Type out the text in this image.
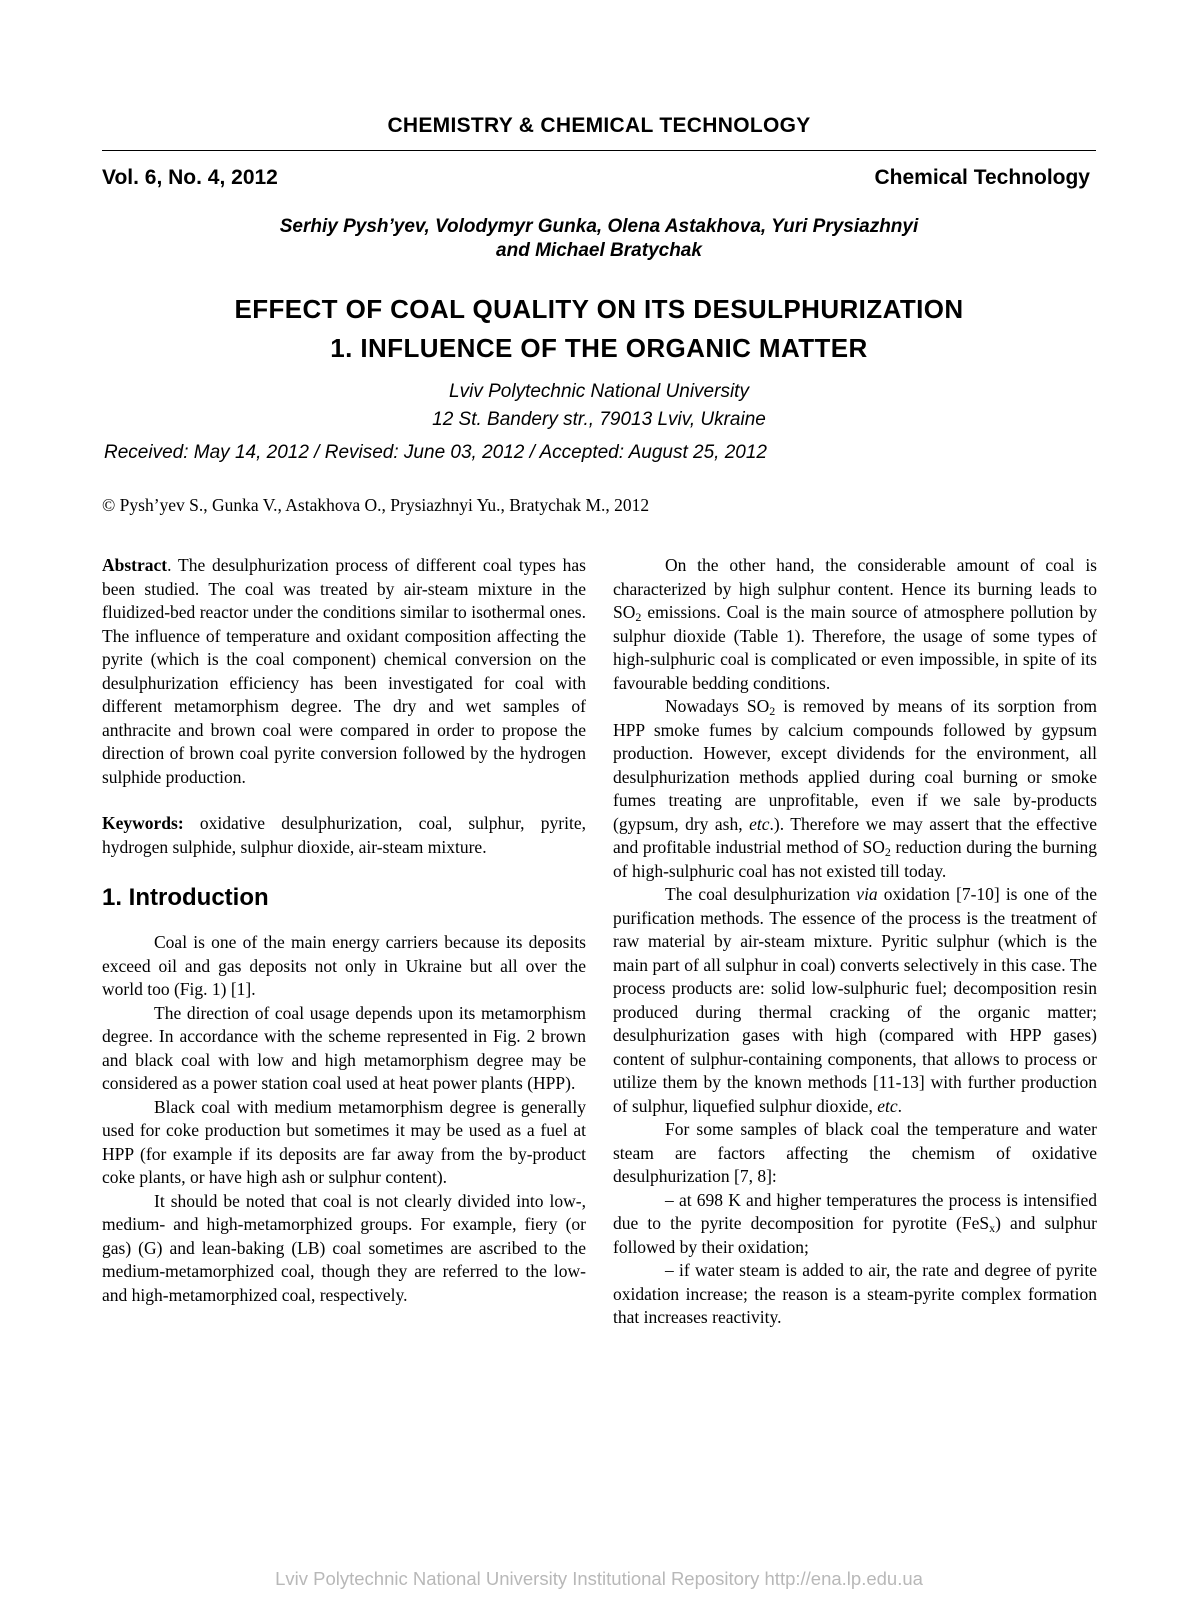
CHEMISTRY & CHEMICAL TECHNOLOGY
Vol. 6, No. 4, 2012	Chemical Technology
Serhiy Pysh’yev, Volodymyr Gunka, Olena Astakhova, Yuri Prysiazhnyi
and Michael Bratychak
EFFECT OF COAL QUALITY ON ITS DESULPHURIZATION
1. INFLUENCE OF THE ORGANIC MATTER
Lviv Polytechnic National University
12 St. Bandery str., 79013 Lviv, Ukraine
Received: May 14, 2012 / Revised: June 03, 2012 / Accepted: August 25, 2012
© Pysh’yev S., Gunka V., Astakhova O., Prysiazhnyi Yu., Bratychak M., 2012

Abstract. The desulphurization process of different coal types has been studied. The coal was treated by air-steam mixture in the fluidized-bed reactor under the conditions similar to isothermal ones. The influence of temperature and oxidant composition affecting the pyrite (which is the coal component) chemical conversion on the desulphurization efficiency has been investigated for coal with different metamorphism degree. The dry and wet samples of anthracite and brown coal were compared in order to propose the direction of brown coal pyrite conversion followed by the hydrogen sulphide production.

Keywords: oxidative desulphurization, coal, sulphur, pyrite, hydrogen sulphide, sulphur dioxide, air-steam mixture.

1. Introduction

Coal is one of the main energy carriers because its deposits exceed oil and gas deposits not only in Ukraine but all over the world too (Fig. 1) [1].

The direction of coal usage depends upon its metamorphism degree. In accordance with the scheme represented in Fig. 2 brown and black coal with low and high metamorphism degree may be considered as a power station coal used at heat power plants (HPP).

Black coal with medium metamorphism degree is generally used for coke production but sometimes it may be used as a fuel at HPP (for example if its deposits are far away from the by-product coke plants, or have high ash or sulphur content).

It should be noted that coal is not clearly divided into low-, medium- and high-metamorphized groups. For example, fiery (or gas) (G) and lean-baking (LB) coal sometimes are ascribed to the medium-metamorphized coal, though they are referred to the low- and high-metamorphized coal, respectively.

On the other hand, the considerable amount of coal is characterized by high sulphur content. Hence its burning leads to $SO_2$ emissions. Coal is the main source of atmosphere pollution by sulphur dioxide (Table 1). Therefore, the usage of some types of high-sulphuric coal is complicated or even impossible, in spite of its favourable bedding conditions.

Nowadays $SO_2$ is removed by means of its sorption from HPP smoke fumes by calcium compounds followed by gypsum production. However, except dividends for the environment, all desulphurization methods applied during coal burning or smoke fumes treating are unprofitable, even if we sale by-products (gypsum, dry ash, etc.). Therefore we may assert that the effective and profitable industrial method of $SO_2$ reduction during the burning of high-sulphuric coal has not existed till today.

The coal desulphurization via oxidation [7-10] is one of the purification methods. The essence of the process is the treatment of raw material by air-steam mixture. Pyritic sulphur (which is the main part of all sulphur in coal) converts selectively in this case. The process products are: solid low-sulphuric fuel; decomposition resin produced during thermal cracking of the organic matter; desulphurization gases with high (compared with HPP gases) content of sulphur-containing components, that allows to process or utilize them by the known methods [11-13] with further production of sulphur, liquefied sulphur dioxide, etc.

For some samples of black coal the temperature and water steam are factors affecting the chemism of oxidative desulphurization [7, 8]:

– at 698 K and higher temperatures the process is intensified due to the pyrite decomposition for pyrotite (FeS$_x$) and sulphur followed by their oxidation;

– if water steam is added to air, the rate and degree of pyrite oxidation increase; the reason is a steam-pyrite complex formation that increases reactivity.

Lviv Polytechnic National University Institutional Repository http://ena.lp.edu.ua
